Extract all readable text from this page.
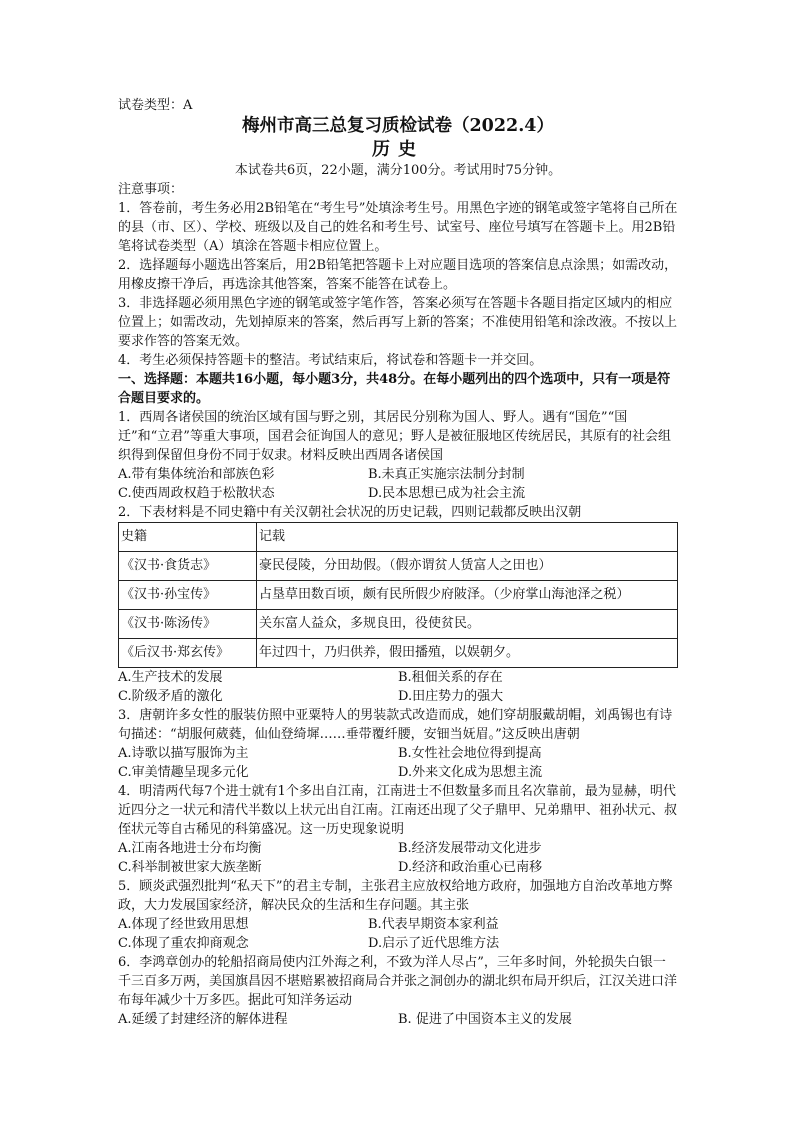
试卷类型：A

梅州市高三总复习质检试卷（2022.4）

历史

本试卷共6页，22小题，满分100分。考试用时75分钟。

注意事项：

1．答卷前，考生务必用2B铅笔在“考生号”处填涂考生号。用黑色字迹的钢笔或签字笔将自己所在的县（市、区）、学校、班级以及自己的姓名和考生号、试室号、座位号填写在答题卡上。用2B铅笔将试卷类型（A）填涂在答题卡相应位置上。

2．选择题每小题选出答案后，用2B铅笔把答题卡上对应题目选项的答案信息点涂黑；如需改动，用橡皮擦干净后，再选涂其他答案，答案不能答在试卷上。

3．非选择题必须用黑色字迹的钢笔或签字笔作答，答案必须写在答题卡各题目指定区域内的相应位置上；如需改动，先划掉原来的答案，然后再写上新的答案；不准使用铅笔和涂改液。不按以上要求作答的答案无效。

4．考生必须保持答题卡的整洁。考试结束后，将试卷和答题卡一并交回。

一、选择题：本题共16小题，每小题3分，共48分。在每小题列出的四个选项中，只有一项是符合题目要求的。

1．西周各诸侯国的统治区域有国与野之别，其居民分别称为国人、野人。遇有“国危”“国迁”和“立君”等重大事项，国君会征询国人的意见；野人是被征服地区传统居民，其原有的社会组织得到保留但身份不同于奴隶。材料反映出西周各诸侯国

A.带有集体统治和部族色彩	B.未真正实施宗法制分封制
C.使西周政权趋于松散状态	D.民本思想已成为社会主流

2．下表材料是不同史籍中有关汉朝社会状况的历史记载，四则记载都反映出汉朝

史籍	记载
《汉书·食货志》	豪民侵陵，分田劫假。（假亦谓贫人赁富人之田也）
《汉书·孙宝传》	占垦草田数百顷，颇有民所假少府陂泽。（少府掌山海池泽之税）
《汉书·陈汤传》	关东富人益众，多规良田，役使贫民。
《后汉书·郑玄传》	年过四十，乃归供养，假田播殖，以娱朝夕。
A.生产技术的发展	B.租佃关系的存在
C.阶级矛盾的激化	D.田庄势力的强大

3．唐朝许多女性的服装仿照中亚粟特人的男装款式改造而成，她们穿胡服戴胡帽，刘禹锡也有诗句描述：“胡服何葳蕤，仙仙登绮墀……垂带覆纤腰，安钿当妩眉。”这反映出唐朝

A.诗歌以描写服饰为主	B.女性社会地位得到提高
C.审美情趣呈现多元化	D.外来文化成为思想主流

4．明清两代每7个进士就有1个多出自江南，江南进士不但数量多而且名次靠前，最为显赫，明代近四分之一状元和清代半数以上状元出自江南。江南还出现了父子鼎甲、兄弟鼎甲、祖孙状元、叔侄状元等自古稀见的科第盛况。这一历史现象说明

A.江南各地进士分布均衡	B.经济发展带动文化进步
C.科举制被世家大族垄断	D.经济和政治重心已南移

5．顾炎武强烈批判“私天下”的君主专制，主张君主应放权给地方政府，加强地方自治改革地方弊政，大力发展国家经济，解决民众的生活和生存问题。其主张

A.体现了经世致用思想	B.代表早期资本家利益
C.体现了重农抑商观念	D.启示了近代思维方法

6．李鸿章创办的轮船招商局使内江外海之利，不致为洋人尽占”，三年多时间，外轮损失白银一千三百多万两，美国旗昌因不堪赔累被招商局合并张之洞创办的湖北织布局开织后，江汉关进口洋布每年减少十万多匹。据此可知洋务运动

A.延缓了封建经济的解体进程	B. 促进了中国资本主义的发展
